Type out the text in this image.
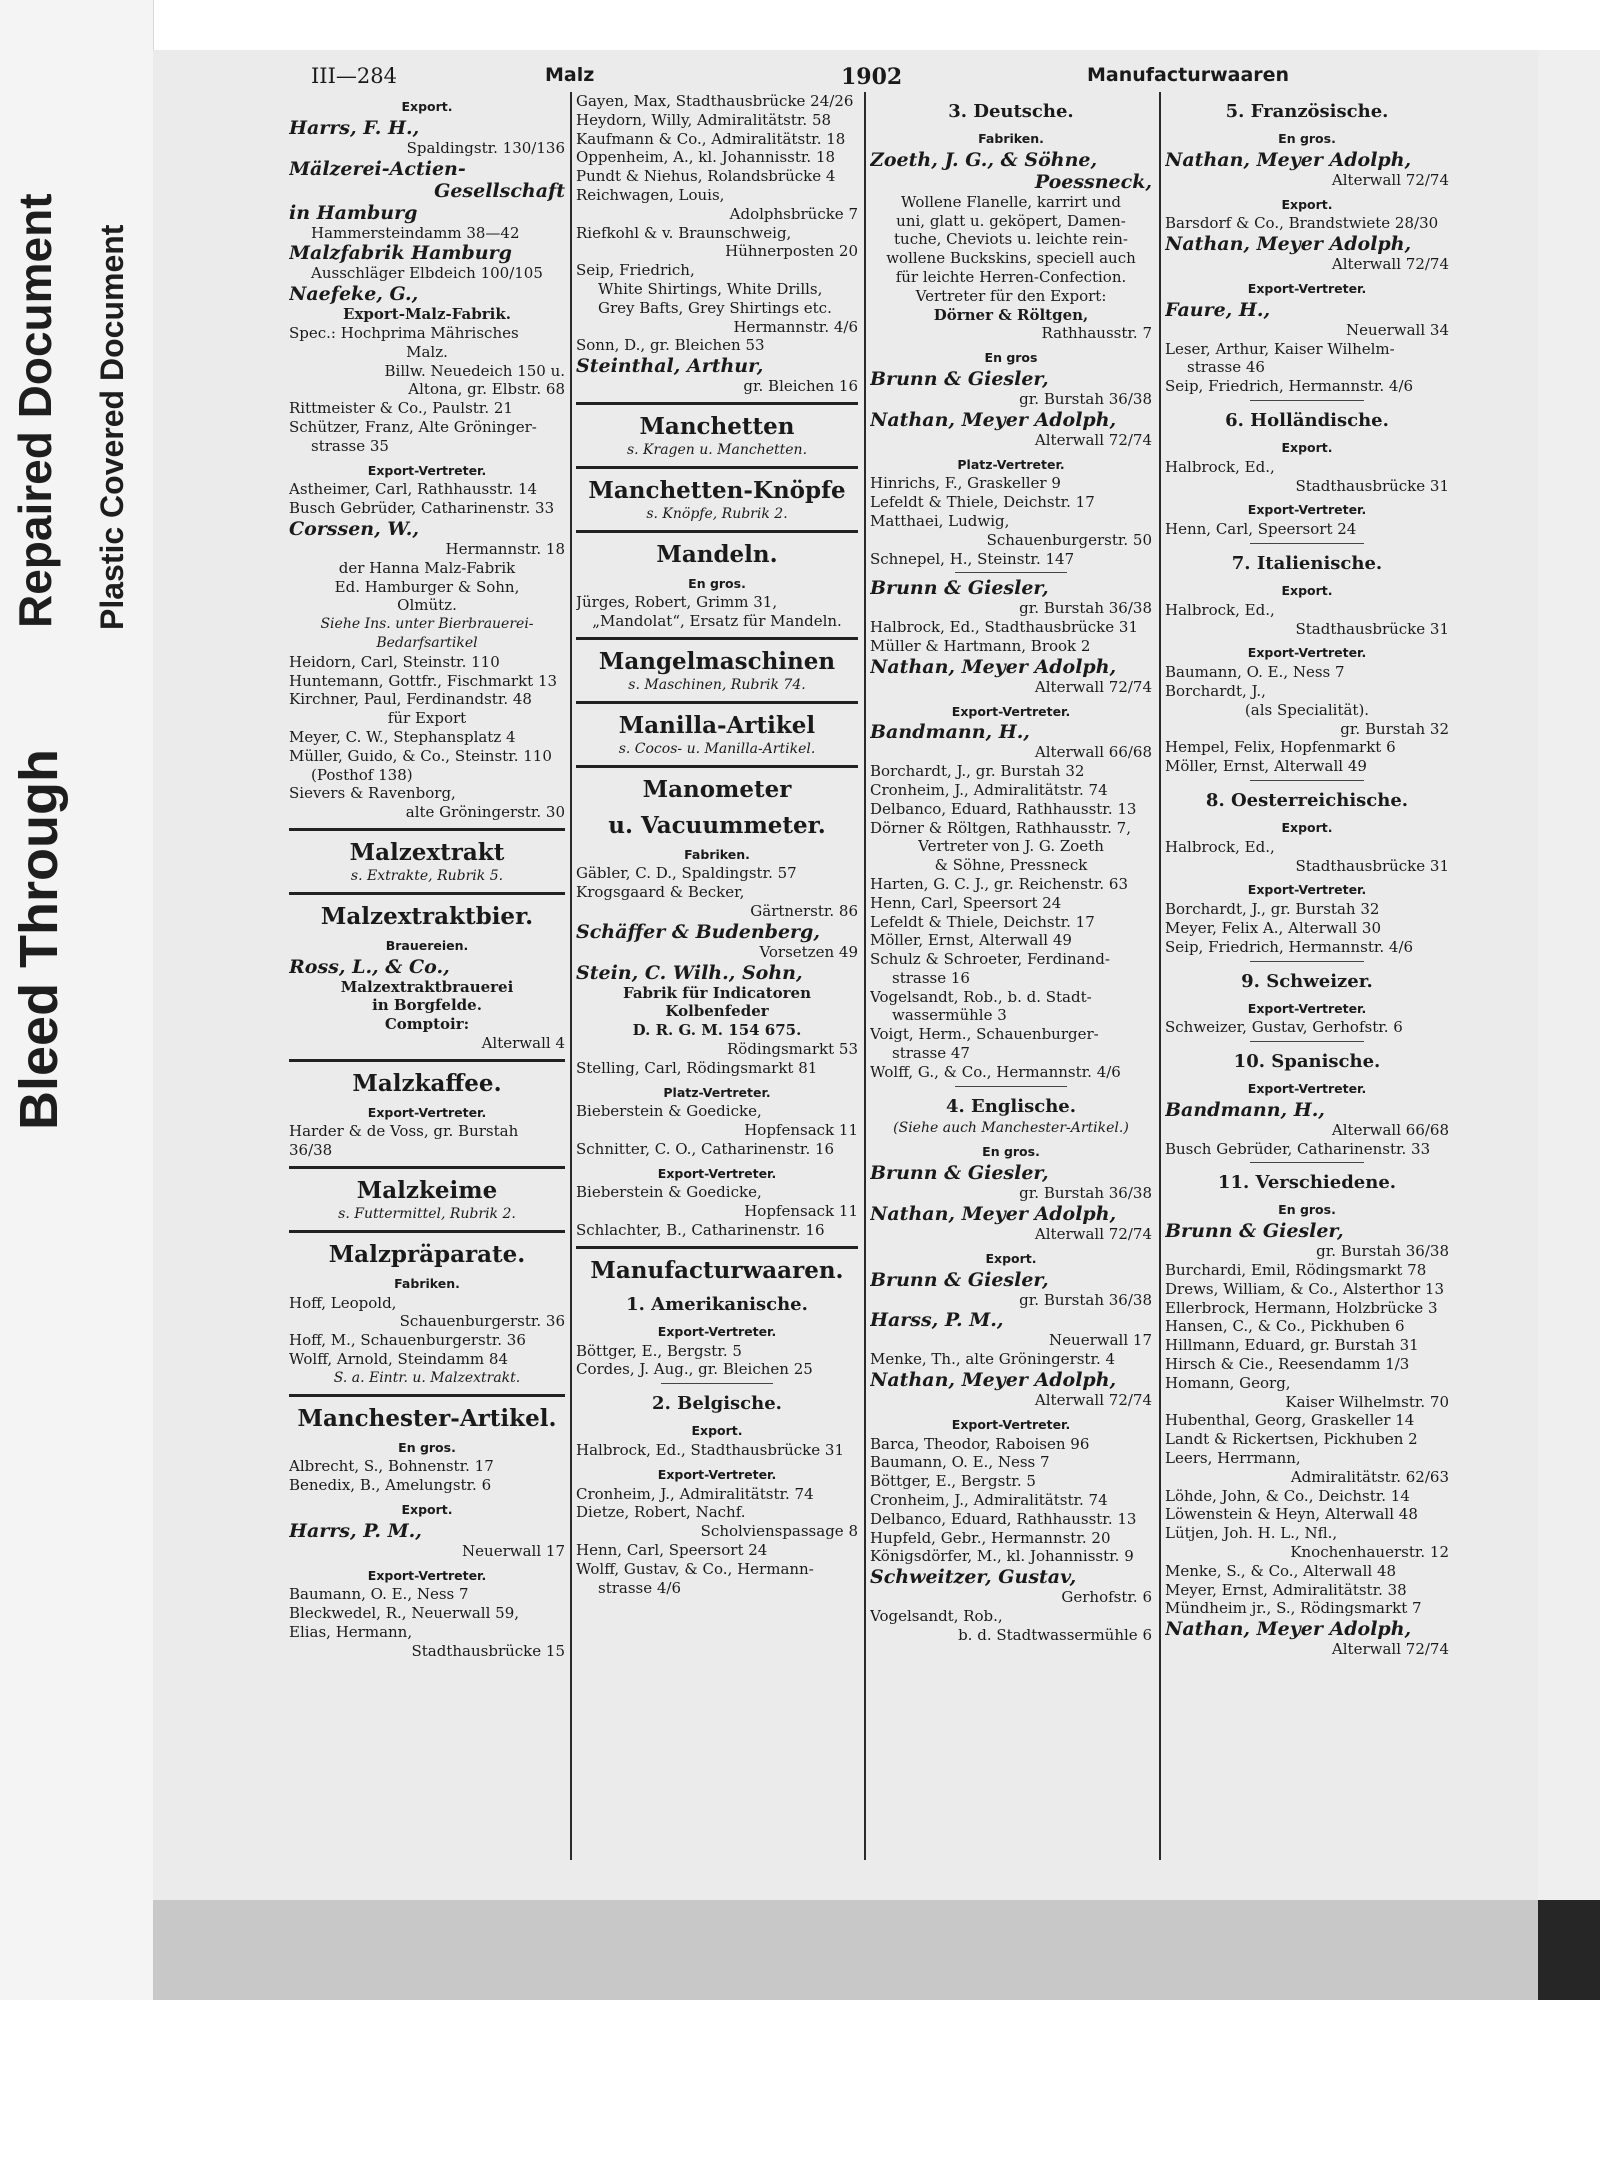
Bleed Through
Repaired Document Plastic Covered Document
III—284	Malz	1902	Manufacturwaaren
Export.
Harrs, F. H.,
Spaldingstr. 130/136
Mälzerei-Actien-
Gesellschaft
in Hamburg
Hammersteindamm 38—42
Malzfabrik Hamburg
Ausschläger Elbdeich 100/105
Naefeke, G.,
Export-Malz-Fabrik.
Spec.: Hochprima Mährisches
Malz.
Billw. Neuedeich 150 u.
Altona, gr. Elbstr. 68
Rittmeister & Co., Paulstr. 21
Schützer, Franz, Alte Gröninger-
strasse 35
Export-Vertreter.
Astheimer, Carl, Rathhausstr. 14
Busch Gebrüder, Catharinenstr. 33
Corssen, W.,
Hermannstr. 18
der Hanna Malz-Fabrik
Ed. Hamburger & Sohn,
Olmütz.
Siehe Ins. unter Bierbrauerei-
Bedarfsartikel
Heidorn, Carl, Steinstr. 110
Huntemann, Gottfr., Fischmarkt 13
Kirchner, Paul, Ferdinandstr. 48
für Export
Meyer, C. W., Stephansplatz 4
Müller, Guido, & Co., Steinstr. 110
(Posthof 138)
Sievers & Ravenborg,
alte Gröningerstr. 30
Malzextrakt
s. Extrakte, Rubrik 5.
Malzextraktbier.
Brauereien.
Ross, L., & Co.,
Malzextraktbrauerei
in Borgfelde.
Comptoir:
Alterwall 4
Malzkaffee.
Export-Vertreter.
Harder & de Voss, gr. Burstah 36/38
Malzkeime
s. Futtermittel, Rubrik 2.
Malzpräparate.
Fabriken.
Hoff, Leopold,
Schauenburgerstr. 36
Hoff, M., Schauenburgerstr. 36
Wolff, Arnold, Steindamm 84
S. a. Eintr. u. Malzextrakt.
Manchester-Artikel.
En gros.
Albrecht, S., Bohnenstr. 17
Benedix, B., Amelungstr. 6
Export.
Harrs, P. M.,
Neuerwall 17
Export-Vertreter.
Baumann, O. E., Ness 7
Bleckwedel, R., Neuerwall 59,
Elias, Hermann,
Stadthausbrücke 15
Gayen, Max, Stadthausbrücke 24/26
Heydorn, Willy, Admiralitätstr. 58
Kaufmann & Co., Admiralitätstr. 18
Oppenheim, A., kl. Johannisstr. 18
Pundt & Niehus, Rolandsbrücke 4
Reichwagen, Louis,
Adolphsbrücke 7
Riefkohl & v. Braunschweig,
Hühnerposten 20
Seip, Friedrich,
White Shirtings, White Drills,
Grey Bafts, Grey Shirtings etc.
Hermannstr. 4/6
Sonn, D., gr. Bleichen 53
Steinthal, Arthur,
gr. Bleichen 16
Manchetten
s. Kragen u. Manchetten.
Manchetten-Knöpfe
s. Knöpfe, Rubrik 2.
Mandeln.
En gros.
Jürges, Robert, Grimm 31,
„Mandolat“, Ersatz für Mandeln.
Mangelmaschinen
s. Maschinen, Rubrik 74.
Manilla-Artikel
s. Cocos- u. Manilla-Artikel.
Manometer
u. Vacuummeter.
Fabriken.
Gäbler, C. D., Spaldingstr. 57
Krogsgaard & Becker,
Gärtnerstr. 86
Schäffer & Budenberg,
Vorsetzen 49
Stein, C. Wilh., Sohn,
Fabrik für Indicatoren
Kolbenfeder
D. R. G. M. 154 675.
Rödingsmarkt 53
Stelling, Carl, Rödingsmarkt 81
Platz-Vertreter.
Bieberstein & Goedicke,
Hopfensack 11
Schnitter, C. O., Catharinenstr. 16
Export-Vertreter.
Bieberstein & Goedicke,
Hopfensack 11
Schlachter, B., Catharinenstr. 16
Manufacturwaaren.
1. Amerikanische.
Export-Vertreter.
Böttger, E., Bergstr. 5
Cordes, J. Aug., gr. Bleichen 25
2. Belgische.
Export.
Halbrock, Ed., Stadthausbrücke 31
Export-Vertreter.
Cronheim, J., Admiralitätstr. 74
Dietze, Robert, Nachf.
Scholvienspassage 8
Henn, Carl, Speersort 24
Wolff, Gustav, & Co., Hermann-
strasse 4/6
3. Deutsche.
Fabriken.
Zoeth, J. G., & Söhne,
Poessneck,
Wollene Flanelle, karrirt und
uni, glatt u. geköpert, Damen-
tuche, Cheviots u. leichte rein-
wollene Buckskins, speciell auch
für leichte Herren-Confection.
Vertreter für den Export:
Dörner & Röltgen,
Rathhausstr. 7
En gros
Brunn & Giesler,
gr. Burstah 36/38
Nathan, Meyer Adolph,
Alterwall 72/74
Platz-Vertreter.
Hinrichs, F., Graskeller 9
Lefeldt & Thiele, Deichstr. 17
Matthaei, Ludwig,
Schauenburgerstr. 50
Schnepel, H., Steinstr. 147
Brunn & Giesler,
gr. Burstah 36/38
Halbrock, Ed., Stadthausbrücke 31
Müller & Hartmann, Brook 2
Nathan, Meyer Adolph,
Alterwall 72/74
Export-Vertreter.
Bandmann, H.,
Alterwall 66/68
Borchardt, J., gr. Burstah 32
Cronheim, J., Admiralitätstr. 74
Delbanco, Eduard, Rathhausstr. 13
Dörner & Röltgen, Rathhausstr. 7,
Vertreter von J. G. Zoeth
& Söhne, Pressneck
Harten, G. C. J., gr. Reichenstr. 63
Henn, Carl, Speersort 24
Lefeldt & Thiele, Deichstr. 17
Möller, Ernst, Alterwall 49
Schulz & Schroeter, Ferdinand-
strasse 16
Vogelsandt, Rob., b. d. Stadt-
wassermühle 3
Voigt, Herm., Schauenburger-
strasse 47
Wolff, G., & Co., Hermannstr. 4/6
4. Englische.
(Siehe auch Manchester-Artikel.)
En gros.
Brunn & Giesler,
gr. Burstah 36/38
Nathan, Meyer Adolph,
Alterwall 72/74
Export.
Brunn & Giesler,
gr. Burstah 36/38
Harss, P. M.,
Neuerwall 17
Menke, Th., alte Gröningerstr. 4
Nathan, Meyer Adolph,
Alterwall 72/74
Export-Vertreter.
Barca, Theodor, Raboisen 96
Baumann, O. E., Ness 7
Böttger, E., Bergstr. 5
Cronheim, J., Admiralitätstr. 74
Delbanco, Eduard, Rathhausstr. 13
Hupfeld, Gebr., Hermannstr. 20
Königsdörfer, M., kl. Johannisstr. 9
Schweitzer, Gustav,
Gerhofstr. 6
Vogelsandt, Rob.,
b. d. Stadtwassermühle 6
5. Französische.
En gros.
Nathan, Meyer Adolph,
Alterwall 72/74
Export.
Barsdorf & Co., Brandstwiete 28/30
Nathan, Meyer Adolph,
Alterwall 72/74
Export-Vertreter.
Faure, H.,
Neuerwall 34
Leser, Arthur, Kaiser Wilhelm-
strasse 46
Seip, Friedrich, Hermannstr. 4/6
6. Holländische.
Export.
Halbrock, Ed.,
Stadthausbrücke 31
Export-Vertreter.
Henn, Carl, Speersort 24
7. Italienische.
Export.
Halbrock, Ed.,
Stadthausbrücke 31
Export-Vertreter.
Baumann, O. E., Ness 7
Borchardt, J.,
(als Specialität).
gr. Burstah 32
Hempel, Felix, Hopfenmarkt 6
Möller, Ernst, Alterwall 49
8. Oesterreichische.
Export.
Halbrock, Ed.,
Stadthausbrücke 31
Export-Vertreter.
Borchardt, J., gr. Burstah 32
Meyer, Felix A., Alterwall 30
Seip, Friedrich, Hermannstr. 4/6
9. Schweizer.
Export-Vertreter.
Schweizer, Gustav, Gerhofstr. 6
10. Spanische.
Export-Vertreter.
Bandmann, H.,
Alterwall 66/68
Busch Gebrüder, Catharinenstr. 33
11. Verschiedene.
En gros.
Brunn & Giesler,
gr. Burstah 36/38
Burchardi, Emil, Rödingsmarkt 78
Drews, William, & Co., Alsterthor 13
Ellerbrock, Hermann, Holzbrücke 3
Hansen, C., & Co., Pickhuben 6
Hillmann, Eduard, gr. Burstah 31
Hirsch & Cie., Reesendamm 1/3
Homann, Georg,
Kaiser Wilhelmstr. 70
Hubenthal, Georg, Graskeller 14
Landt & Rickertsen, Pickhuben 2
Leers, Herrmann,
Admiralitätstr. 62/63
Löhde, John, & Co., Deichstr. 14
Löwenstein & Heyn, Alterwall 48
Lütjen, Joh. H. L., Nfl.,
Knochenhauerstr. 12
Menke, S., & Co., Alterwall 48
Meyer, Ernst, Admiralitätstr. 38
Mündheim jr., S., Rödingsmarkt 7
Nathan, Meyer Adolph,
Alterwall 72/74
